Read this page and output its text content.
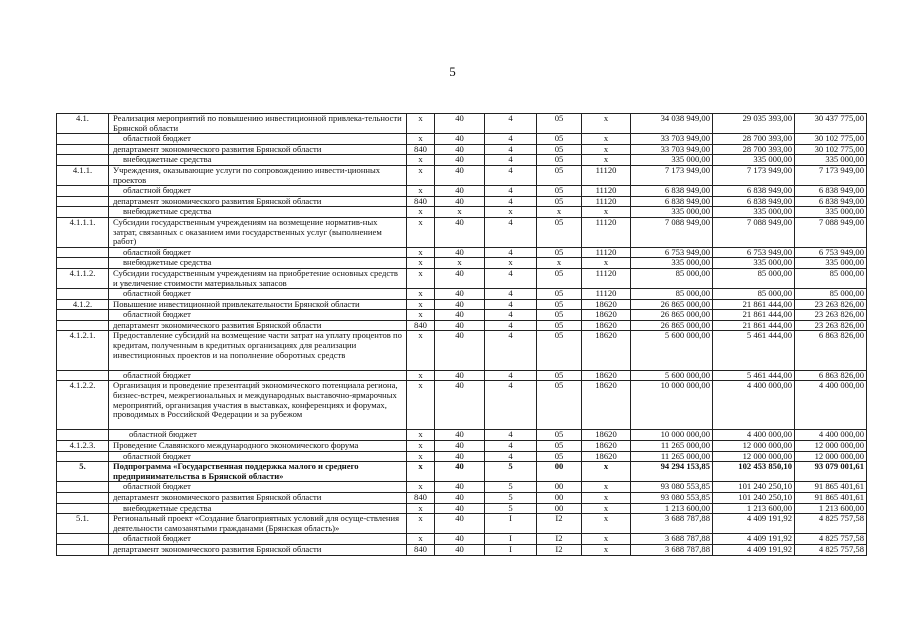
5
4.1.	Реализация мероприятий по повышению инвестиционной привлека-тельности Брянской области	х	40	4	05	х	34 038 949,00	29 035 393,00	30 437 775,00
	областной бюджет	х	40	4	05	х	33 703 949,00	28 700 393,00	30 102 775,00
	департамент экономического развития Брянской области	840	40	4	05	х	33 703 949,00	28 700 393,00	30 102 775,00
	внебюджетные средства	х	40	4	05	х	335 000,00	335 000,00	335 000,00
4.1.1.	Учреждения, оказывающие услуги по сопровождению инвести-ционных проектов	х	40	4	05	11120	7 173 949,00	7 173 949,00	7 173 949,00
	областной бюджет	х	40	4	05	11120	6 838 949,00	6 838 949,00	6 838 949,00
	департамент экономического развития Брянской области	840	40	4	05	11120	6 838 949,00	6 838 949,00	6 838 949,00
	внебюджетные средства	х	х	х	х	х	335 000,00	335 000,00	335 000,00
4.1.1.1.	Субсидии государственным учреждениям на возмещение норматив-ных затрат, связанных с оказанием ими государственных услуг (выполнением работ)	х	40	4	05	11120	7 088 949,00	7 088 949,00	7 088 949,00
	областной бюджет	х	40	4	05	11120	6 753 949,00	6 753 949,00	6 753 949,00
	внебюджетные средства	х	х	х	х	х	335 000,00	335 000,00	335 000,00
4.1.1.2.	Субсидии государственным учреждениям на приобретение основных средств и увеличение стоимости материальных запасов	х	40	4	05	11120	85 000,00	85 000,00	85 000,00
	областной бюджет	х	40	4	05	11120	85 000,00	85 000,00	85 000,00
4.1.2.	Повышение инвестиционной привлекательности Брянской области	х	40	4	05	18620	26 865 000,00	21 861 444,00	23 263 826,00
	областной бюджет	х	40	4	05	18620	26 865 000,00	21 861 444,00	23 263 826,00
	департамент экономического развития Брянской области	840	40	4	05	18620	26 865 000,00	21 861 444,00	23 263 826,00
4.1.2.1.	Предоставление субсидий на возмещение части затрат на уплату процентов по кредитам, полученным в кредитных организациях для реализации инвестиционных проектов и на пополнение оборотных средств	х	40	4	05	18620	5 600 000,00	5 461 444,00	6 863 826,00
	областной бюджет	х	40	4	05	18620	5 600 000,00	5 461 444,00	6 863 826,00
4.1.2.2.	Организация и проведение презентаций экономического потенциала региона, бизнес-встреч, межрегиональных и международных выставочно-ярмарочных мероприятий, организация участия в выставках, конференциях и форумах, проводимых в Российской Федерации и за рубежом	х	40	4	05	18620	10 000 000,00	4 400 000,00	4 400 000,00
	областной бюджет	х	40	4	05	18620	10 000 000,00	4 400 000,00	4 400 000,00
4.1.2.3.	Проведение Славянского международного экономического форума	х	40	4	05	18620	11 265 000,00	12 000 000,00	12 000 000,00
	областной бюджет	х	40	4	05	18620	11 265 000,00	12 000 000,00	12 000 000,00
5.	Подпрограмма «Государственная поддержка малого и среднего предпринимательства в Брянской области»	х	40	5	00	х	94 294 153,85	102 453 850,10	93 079 001,61
	областной бюджет	х	40	5	00	х	93 080 553,85	101 240 250,10	91 865 401,61
	департамент экономического развития Брянской области	840	40	5	00	х	93 080 553,85	101 240 250,10	91 865 401,61
	внебюджетные средства	х	40	5	00	х	1 213 600,00	1 213 600,00	1 213 600,00
5.1.	Региональный проект «Создание благоприятных условий для осуще-ствления деятельности самозанятыми гражданами (Брянская область)»	х	40	I	I2	х	3 688 787,88	4 409 191,92	4 825 757,58
	областной бюджет	х	40	I	I2	х	3 688 787,88	4 409 191,92	4 825 757,58
	департамент экономического развития Брянской области	840	40	I	I2	х	3 688 787,88	4 409 191,92	4 825 757,58
